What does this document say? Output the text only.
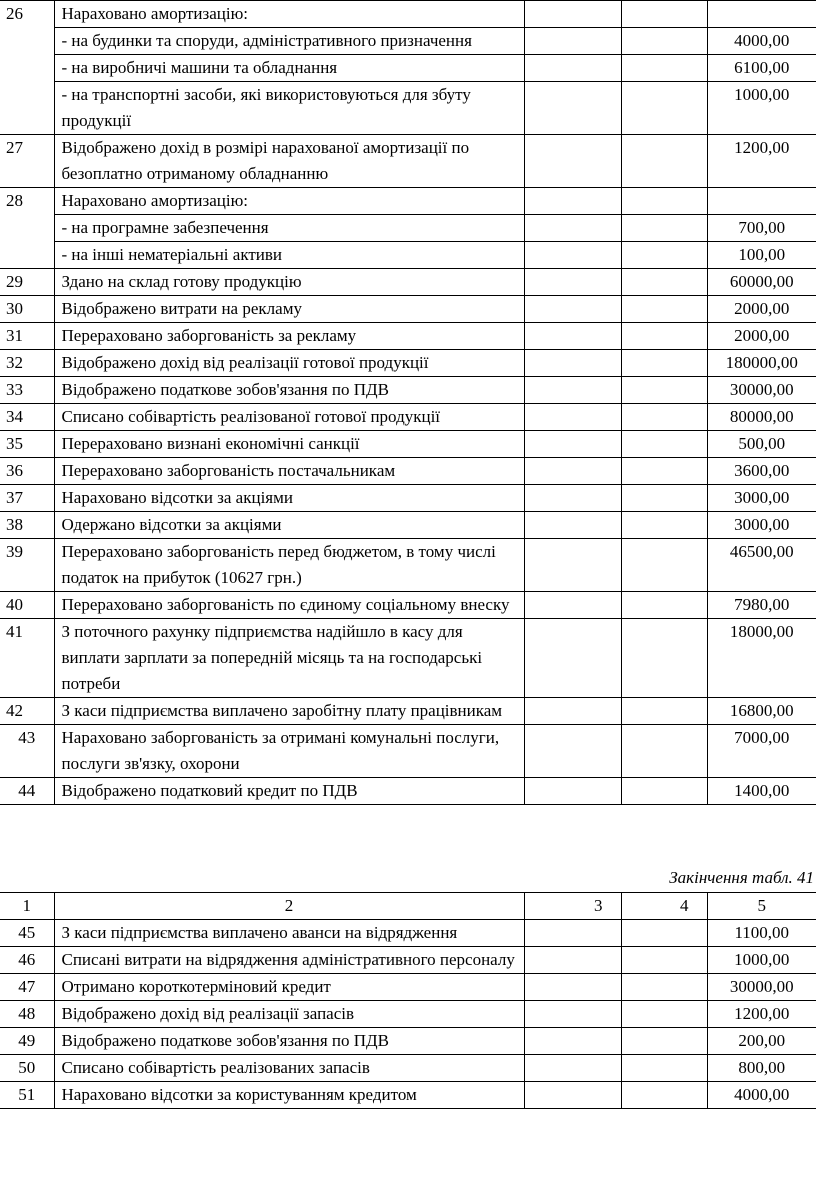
26	Нараховано амортизацію:			
	- на будинки та споруди, адміністративного призначення			4000,00
	- на виробничі машини та обладнання			6100,00
	- на транспортні засоби, які використовуються для збуту продукції			1000,00
27	Відображено дохід в розмірі нарахованої амортизації по безоплатно отриманому обладнанню			1200,00
28	Нараховано амортизацію:			
	- на програмне забезпечення			700,00
	- на інші нематеріальні активи			100,00
29	Здано на склад готову продукцію			60000,00
30	Відображено витрати на рекламу			2000,00
31	Перераховано заборгованість за рекламу			2000,00
32	Відображено дохід від реалізації готової продукції			180000,00
33	Відображено податкове зобов'язання по ПДВ			30000,00
34	Списано собівартість реалізованої готової продукції			80000,00
35	Перераховано визнані економічні санкції			500,00
36	Перераховано заборгованість постачальникам			3600,00
37	Нараховано відсотки за акціями			3000,00
38	Одержано відсотки за акціями			3000,00
39	Перераховано заборгованість перед бюджетом, в тому числі податок на прибуток (10627 грн.)			46500,00
40	Перераховано заборгованість по єдиному соціальному внеску			7980,00
41	З поточного рахунку підприємства надійшло в касу для виплати зарплати за попередній місяць та на господарські потреби			18000,00
42	З каси підприємства виплачено заробітну плату працівникам			16800,00
43	Нараховано заборгованість за отримані комунальні послуги, послуги зв'язку, охорони			7000,00
44	Відображено податковий кредит по ПДВ			1400,00
Закінчення табл. 41
1	2	3	4	5
45	З каси підприємства виплачено аванси на відрядження			1100,00
46	Списані витрати на відрядження адміністративного персоналу			1000,00
47	Отримано короткотерміновий кредит			30000,00
48	Відображено дохід від реалізації запасів			1200,00
49	Відображено податкове зобов'язання по ПДВ			200,00
50	Списано собівартість реалізованих запасів			800,00
51	Нараховано відсотки за користуванням кредитом			4000,00
